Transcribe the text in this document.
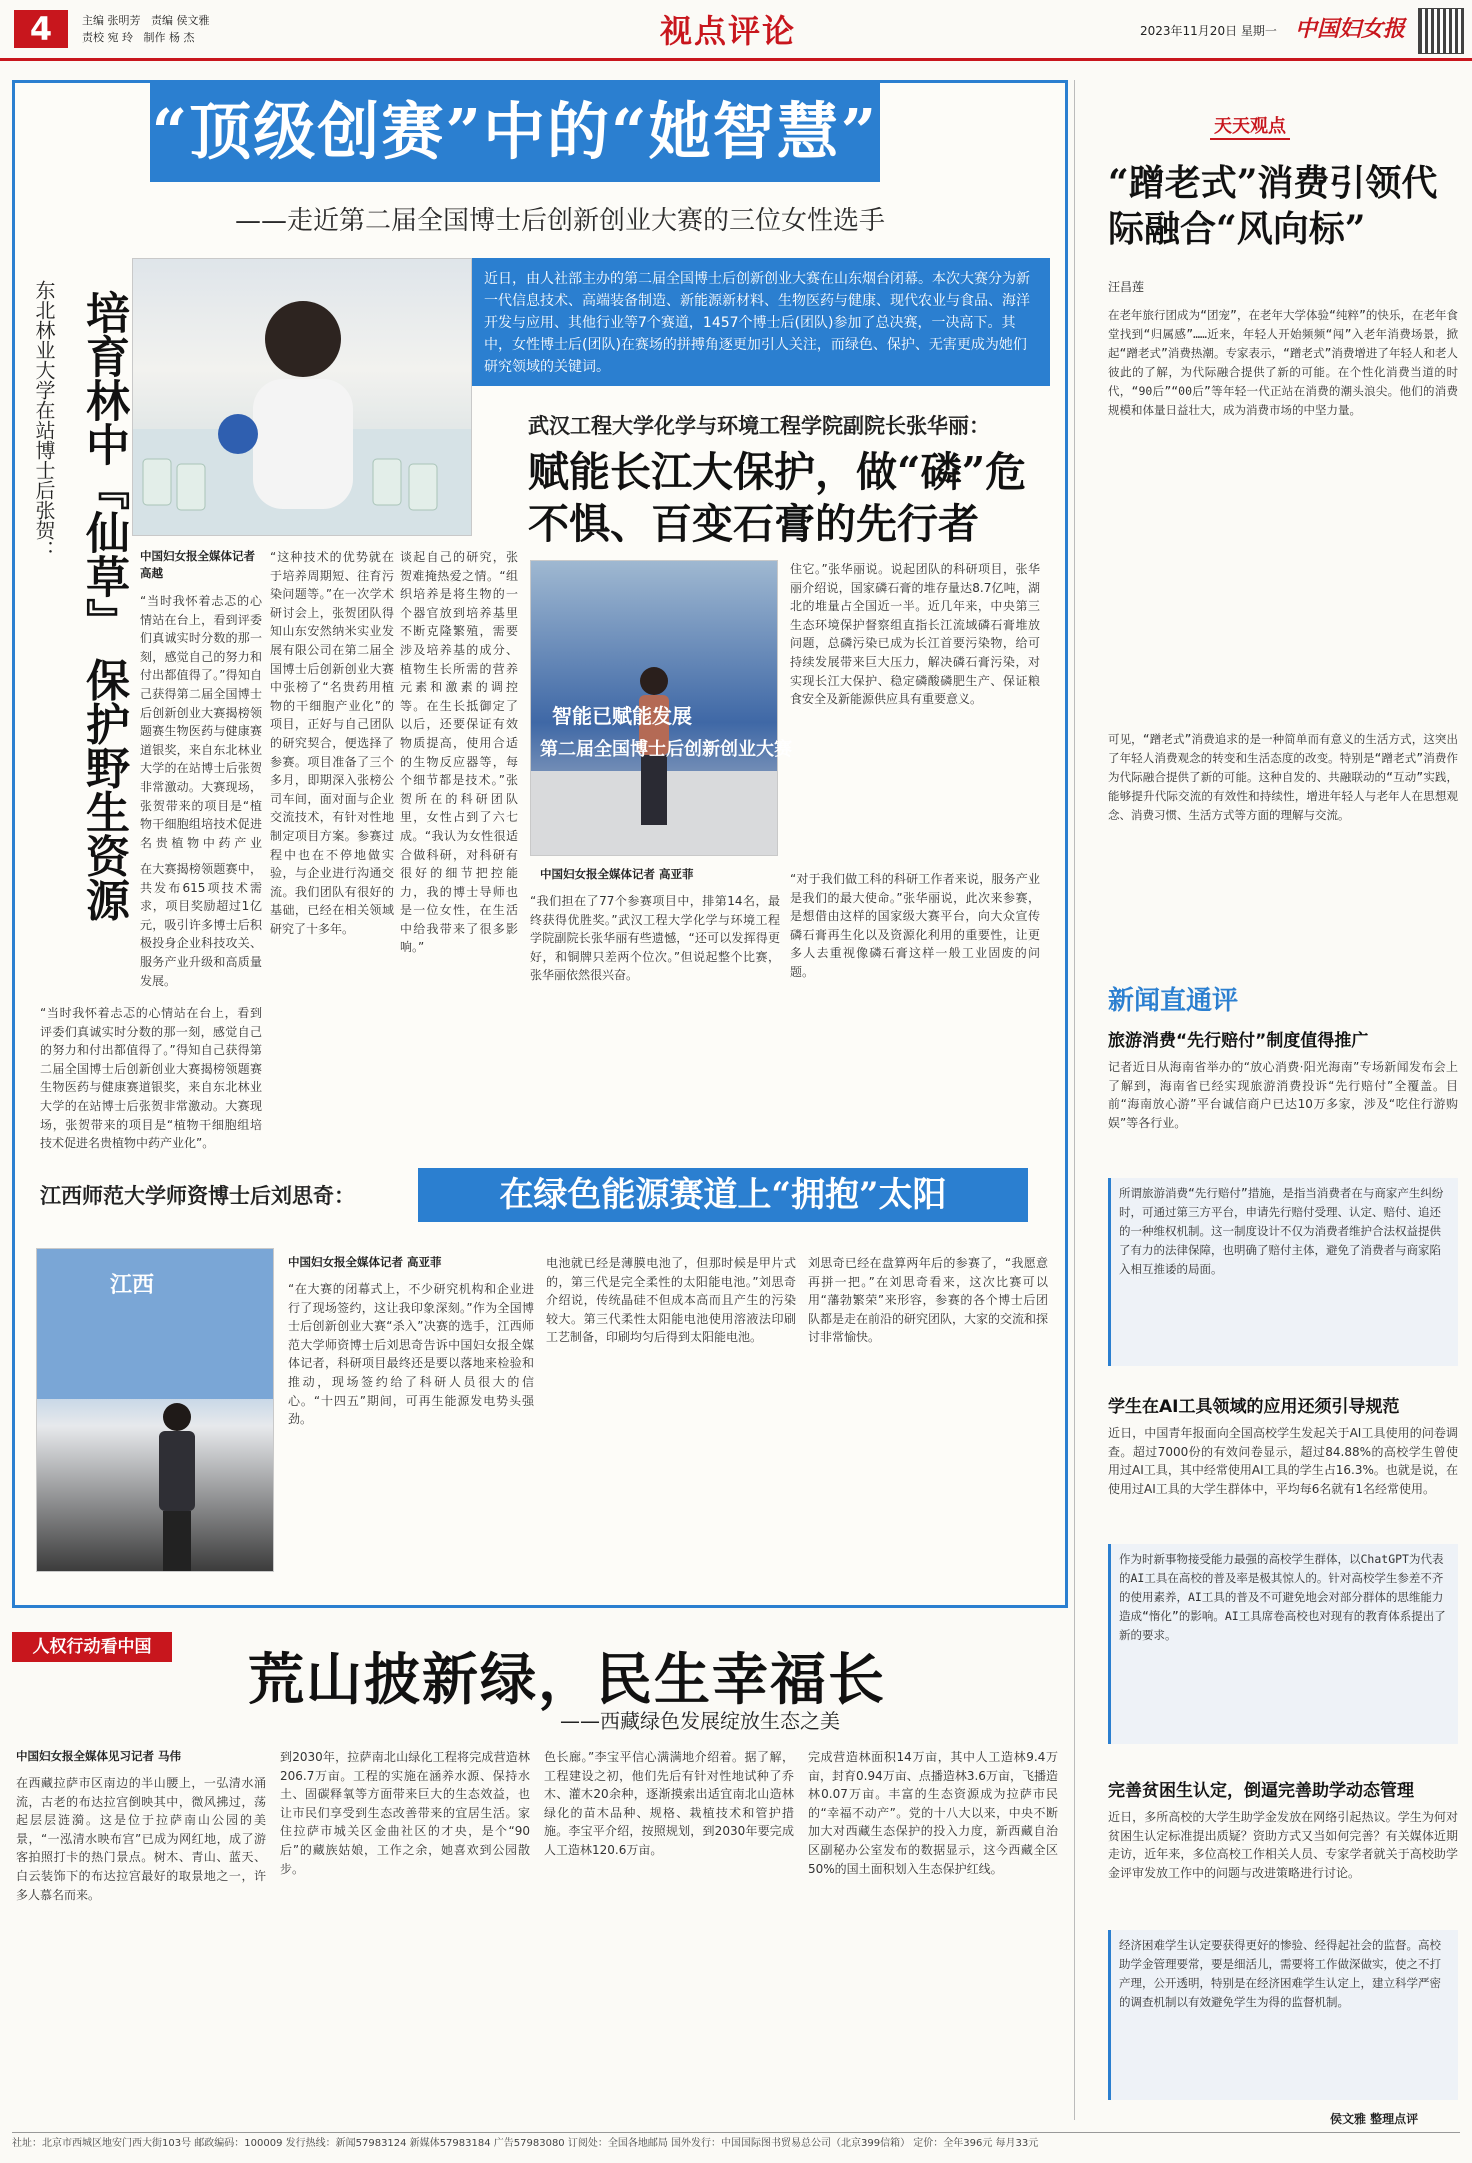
4	主编 张明芳   责编 侯文雅
责校 宛 玲   制作 杨 杰	视点评论	2023年11月20日 星期一 中国妇女报
“顶级创赛”中的“她智慧”
——走近第二届全国博士后创新创业大赛的三位女性选手
近日，由人社部主办的第二届全国博士后创新创业大赛在山东烟台闭幕。本次大赛分为新一代信息技术、高端装备制造、新能源新材料、生物医药与健康、现代农业与食品、海洋开发与应用、其他行业等7个赛道，1457个博士后(团队)参加了总决赛，一决高下。其中，女性博士后(团队)在赛场的拼搏角逐更加引人关注，而绿色、保护、无害更成为她们研究领域的关键词。
东北林业大学在站博士后张贺： 培育林中『仙草』 保护野生资源 中国妇女报全媒体记者 高越
“当时我怀着忐忑的心情站在台上，看到评委们真诚实时分数的那一刻，感觉自己的努力和付出都值得了。”得知自己获得第二届全国博士后创新创业大赛揭榜领题赛生物医药与健康赛道银奖，来自东北林业大学的在站博士后张贺非常激动。大赛现场，张贺带来的项目是“植物干细胞组培技术促进名贵植物中药产业
在大赛揭榜领题赛中，共发布615项技术需求，项目奖励超过1亿元，吸引许多博士后积极投身企业科技攻关、服务产业升级和高质量发展。
“当时我怀着忐忑的心情站在台上，看到评委们真诚实时分数的那一刻，感觉自己的努力和付出都值得了。”得知自己获得第二届全国博士后创新创业大赛揭榜领题赛生物医药与健康赛道银奖，来自东北林业大学的在站博士后张贺非常激动。大赛现场，张贺带来的项目是“植物干细胞组培技术促进名贵植物中药产业化”。
“这种技术的优势就在于培养周期短、往育污染问题等。”在一次学术研讨会上，张贺团队得知山东安然纳米实业发展有限公司在第二届全国博士后创新创业大赛中张榜了“名贵药用植物的干细胞产业化”的项目，正好与自己团队的研究契合，便选择了参赛。项目准备了三个多月，即期深入张榜公司车间，面对面与企业交流技术，有针对性地制定项目方案。参赛过程中也在不停地做实验，与企业进行沟通交流。我们团队有很好的基础，已经在相关领域研究了十多年。
谈起自己的研究，张贺难掩热爱之情。“组织培养是将生物的一个器官放到培养基里不断克隆繁殖，需要涉及培养基的成分、植物生长所需的营养元素和激素的调控等。在生长抵御定了以后，还要保证有效物质提高，使用合适的生物反应器等，每个细节都是技术。”张贺所在的科研团队里，女性占到了六七成。“我认为女性很适合做科研，对科研有很好的细节把控能力，我的博士导师也是一位女性，在生活中给我带来了很多影响。”
武汉工程大学化学与环境工程学院副院长张华丽：
赋能长江大保护，做“磷”危不惧、百变石膏的先行者
智能已赋能发展
第二届全国博士后创新创业大赛
中国妇女报全媒体记者 高亚菲
住它。”张华丽说。说起团队的科研项目，张华丽介绍说，国家磷石膏的堆存量达8.7亿吨，湖北的堆量占全国近一半。近几年来，中央第三生态环境保护督察组直指长江流域磷石膏堆放问题，总磷污染已成为长江首要污染物，给可持续发展带来巨大压力，解决磷石膏污染，对实现长江大保护、稳定磷酸磷肥生产、保证粮食安全及新能源供应具有重要意义。
“我们担在了77个参赛项目中，排第14名，最终获得优胜奖。”武汉工程大学化学与环境工程学院副院长张华丽有些遗憾，“还可以发挥得更好，和铜牌只差两个位次。”但说起整个比赛，张华丽依然很兴奋。
“对于我们做工科的科研工作者来说，服务产业是我们的最大使命。”张华丽说，此次来参赛，是想借由这样的国家级大赛平台，向大众宣传磷石膏再生化以及资源化利用的重要性，让更多人去重视像磷石膏这样一般工业固废的问题。
江西师范大学师资博士后刘思奇：	在绿色能源赛道上“拥抱”太阳
江西
中国妇女报全媒体记者 高亚菲
“在大赛的闭幕式上，不少研究机构和企业进行了现场签约，这让我印象深刻。”作为全国博士后创新创业大赛“杀入”决赛的选手，江西师范大学师资博士后刘思奇告诉中国妇女报全媒体记者，科研项目最终还是要以落地来检验和推动，现场签约给了科研人员很大的信心。“十四五”期间，可再生能源发电势头强劲。
电池就已经是薄膜电池了，但那时候是甲片式的，第三代是完全柔性的太阳能电池。”刘思奇介绍说，传统晶硅不但成本高而且产生的污染较大。第三代柔性太阳能电池使用溶液法印刷工艺制备，印刷均匀后得到太阳能电池。
刘思奇已经在盘算两年后的参赛了，“我愿意再拼一把。”在刘思奇看来，这次比赛可以用“藩勃繁荣”来形容，参赛的各个博士后团队都是走在前沿的研究团队，大家的交流和探讨非常愉快。
人权行动看中国	荒山披新绿，民生幸福长
——西藏绿色发展绽放生态之美
中国妇女报全媒体见习记者 马伟
在西藏拉萨市区南边的半山腰上，一弘清水涌流，古老的布达拉宫倒映其中，微风拂过，荡起层层涟漪。这是位于拉萨南山公园的美景，“一泓清水映布宫”已成为网红地，成了游客拍照打卡的热门景点。树木、青山、蓝天、白云装饰下的布达拉宫最好的取景地之一，许多人慕名而来。
到2030年，拉萨南北山绿化工程将完成营造林206.7万亩。工程的实施在涵养水源、保持水土、固碳释氧等方面带来巨大的生态效益，也让市民们享受到生态改善带来的宜居生活。家住拉萨市城关区金曲社区的才央，是个“90后”的藏族姑娘，工作之余，她喜欢到公园散步。
色长廊。”李宝平信心满满地介绍着。据了解，工程建设之初，他们先后有针对性地试种了乔木、灌木20余种，逐渐摸索出适宜南北山造林绿化的苗木品种、规格、栽植技术和管护措施。李宝平介绍，按照规划，到2030年要完成人工造林120.6万亩。
完成营造林面积14万亩，其中人工造林9.4万亩，封育0.94万亩、点播造林3.6万亩，飞播造林0.07万亩。丰富的生态资源成为拉萨市民的“幸福不动产”。党的十八大以来，中央不断加大对西藏生态保护的投入力度，新西藏自治区副秘办公室发布的数据显示，这今西藏全区50%的国土面积划入生态保护红线。
天天观点
“蹭老式”消费引领代际融合“风向标”
汪昌莲
在老年旅行团成为“团宠”，在老年大学体验“纯粹”的快乐，在老年食堂找到“归属感”……近来，年轻人开始频频“闯”入老年消费场景，掀起“蹭老式”消费热潮。专家表示，“蹭老式”消费增进了年轻人和老人彼此的了解，为代际融合提供了新的可能。在个性化消费当道的时代，“90后”“00后”等年轻一代正站在消费的潮头浪尖。他们的消费规模和体量日益壮大，成为消费市场的中坚力量。
可见，“蹭老式”消费追求的是一种简单而有意义的生活方式，这突出了年轻人消费观念的转变和生活态度的改变。特别是“蹭老式”消费作为代际融合提供了新的可能。这种自发的、共融联动的“互动”实践，能够提升代际交流的有效性和持续性，增进年轻人与老年人在思想观念、消费习惯、生活方式等方面的理解与交流。
新闻直通评
旅游消费“先行赔付”制度值得推广
记者近日从海南省举办的“放心消费·阳光海南”专场新闻发布会上了解到，海南省已经实现旅游消费投诉“先行赔付”全覆盖。目前“海南放心游”平台诚信商户已达10万多家，涉及“吃住行游购娱”等各行业。
所谓旅游消费“先行赔付”措施，是指当消费者在与商家产生纠纷时，可通过第三方平台，申请先行赔付受理、认定、赔付、追还的一种维权机制。这一制度设计不仅为消费者维护合法权益提供了有力的法律保障，也明确了赔付主体，避免了消费者与商家陷入相互推诿的局面。
学生在AI工具领域的应用还须引导规范
近日，中国青年报面向全国高校学生发起关于AI工具使用的问卷调查。超过7000份的有效问卷显示，超过84.88%的高校学生曾使用过AI工具，其中经常使用AI工具的学生占16.3%。也就是说，在使用过AI工具的大学生群体中，平均每6名就有1名经常使用。
作为时新事物接受能力最强的高校学生群体，以ChatGPT为代表的AI工具在高校的普及率是极其惊人的。针对高校学生参差不齐的使用素养，AI工具的普及不可避免地会对部分群体的思维能力造成“惰化”的影响。AI工具席卷高校也对现有的教育体系提出了新的要求。
完善贫困生认定，倒逼完善助学动态管理
近日，多所高校的大学生助学金发放在网络引起热议。学生为何对贫困生认定标准提出质疑？资助方式又当如何完善？有关媒体近期走访，近年来，多位高校工作相关人员、专家学者就关于高校助学金评审发放工作中的问题与改进策略进行讨论。
经济困难学生认定要获得更好的惨验、经得起社会的监督。高校助学金管理要常，要是细活儿，需要将工作做深做实，使之不打产理，公开透明，特别是在经济困难学生认定上，建立科学严密的调查机制以有效避免学生为得的监督机制。
侯文雅 整理点评
社址：北京市西城区地安门西大街103号 邮政编码：100009 发行热线：新闻57983124 新媒体57983184 广告57983080 订阅处：全国各地邮局 国外发行：中国国际图书贸易总公司（北京399信箱） 定价：全年396元 每月33元
